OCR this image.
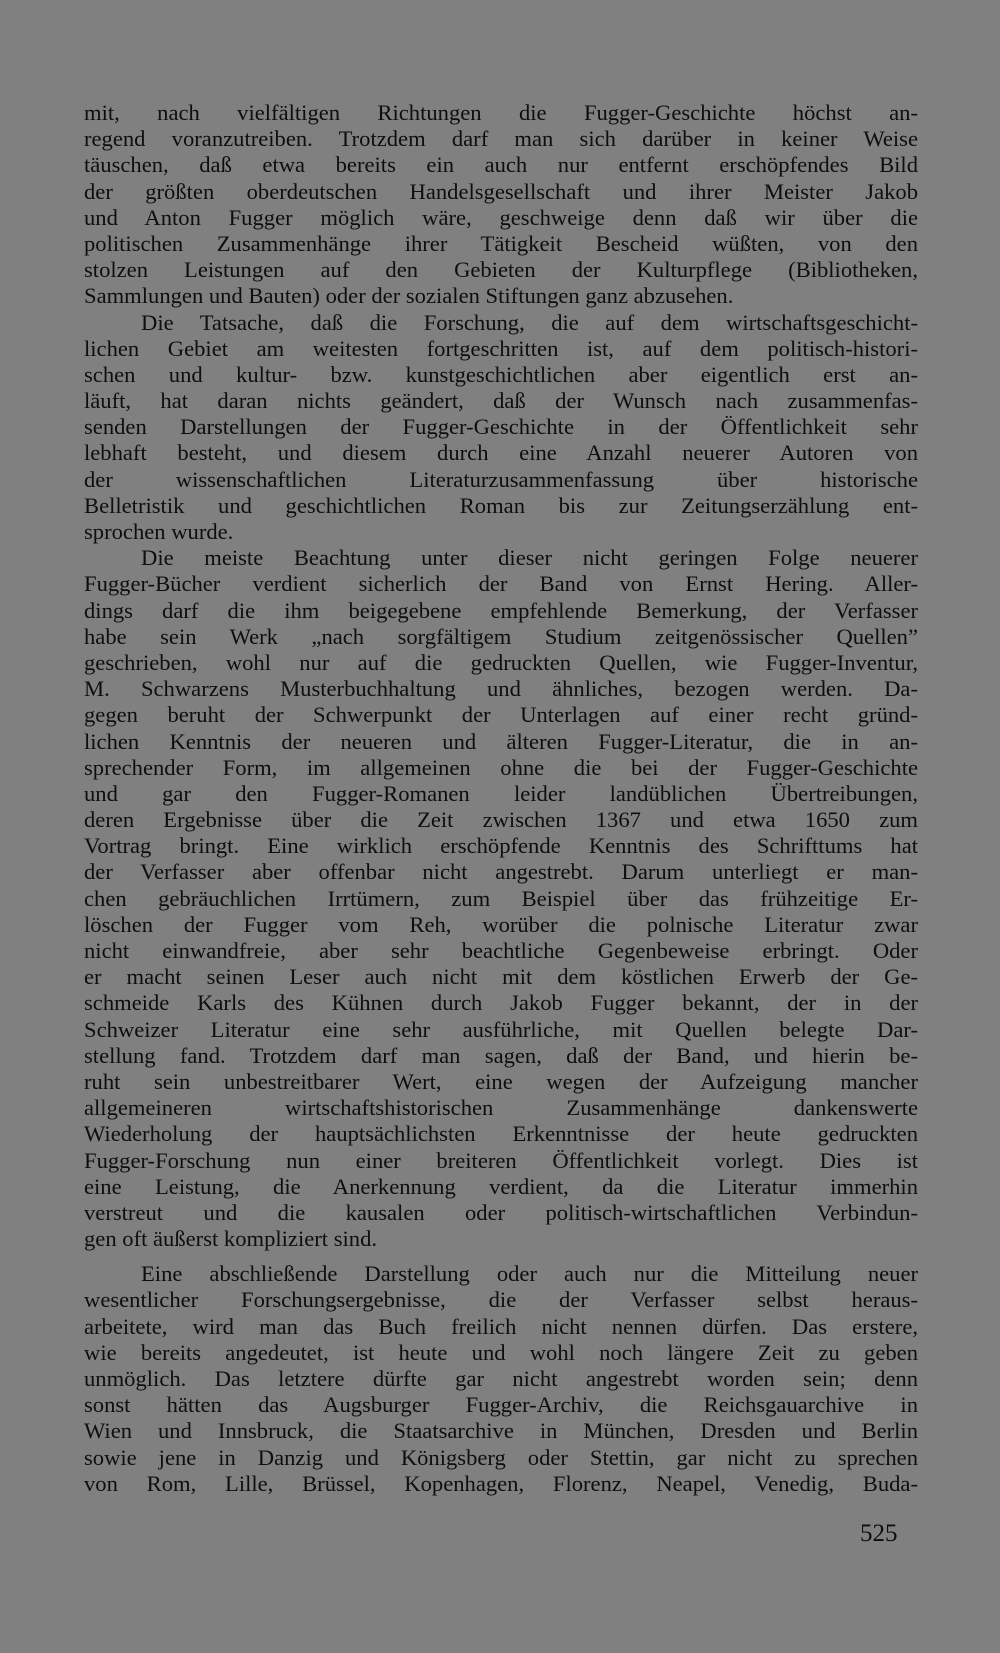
mit, nach vielfältigen Richtungen die Fugger-Geschichte höchst an-
regend voranzutreiben. Trotzdem darf man sich darüber in keiner Weise
täuschen, daß etwa bereits ein auch nur entfernt erschöpfendes Bild
der größten oberdeutschen Handelsgesellschaft und ihrer Meister Jakob
und Anton Fugger möglich wäre, geschweige denn daß wir über die
politischen Zusammenhänge ihrer Tätigkeit Bescheid wüßten, von den
stolzen Leistungen auf den Gebieten der Kulturpflege (Bibliotheken,
Sammlungen und Bauten) oder der sozialen Stiftungen ganz abzusehen.
Die Tatsache, daß die Forschung, die auf dem wirtschaftsgeschicht-
lichen Gebiet am weitesten fortgeschritten ist, auf dem politisch-histori-
schen und kultur- bzw. kunstgeschichtlichen aber eigentlich erst an-
läuft, hat daran nichts geändert, daß der Wunsch nach zusammenfas-
senden Darstellungen der Fugger-Geschichte in der Öffentlichkeit sehr
lebhaft besteht, und diesem durch eine Anzahl neuerer Autoren von
der wissenschaftlichen Literaturzusammenfassung über historische
Belletristik und geschichtlichen Roman bis zur Zeitungserzählung ent-
sprochen wurde.
Die meiste Beachtung unter dieser nicht geringen Folge neuerer
Fugger-Bücher verdient sicherlich der Band von Ernst Hering. Aller-
dings darf die ihm beigegebene empfehlende Bemerkung, der Verfasser
habe sein Werk „nach sorgfältigem Studium zeitgenössischer Quellen”
geschrieben, wohl nur auf die gedruckten Quellen, wie Fugger-Inventur,
M. Schwarzens Musterbuchhaltung und ähnliches, bezogen werden. Da-
gegen beruht der Schwerpunkt der Unterlagen auf einer recht gründ-
lichen Kenntnis der neueren und älteren Fugger-Literatur, die in an-
sprechender Form, im allgemeinen ohne die bei der Fugger-Geschichte
und gar den Fugger-Romanen leider landüblichen Übertreibungen,
deren Ergebnisse über die Zeit zwischen 1367 und etwa 1650 zum
Vortrag bringt. Eine wirklich erschöpfende Kenntnis des Schrifttums hat
der Verfasser aber offenbar nicht angestrebt. Darum unterliegt er man-
chen gebräuchlichen Irrtümern, zum Beispiel über das frühzeitige Er-
löschen der Fugger vom Reh, worüber die polnische Literatur zwar
nicht einwandfreie, aber sehr beachtliche Gegenbeweise erbringt. Oder
er macht seinen Leser auch nicht mit dem köstlichen Erwerb der Ge-
schmeide Karls des Kühnen durch Jakob Fugger bekannt, der in der
Schweizer Literatur eine sehr ausführliche, mit Quellen belegte Dar-
stellung fand. Trotzdem darf man sagen, daß der Band, und hierin be-
ruht sein unbestreitbarer Wert, eine wegen der Aufzeigung mancher
allgemeineren wirtschaftshistorischen Zusammenhänge dankenswerte
Wiederholung der hauptsächlichsten Erkenntnisse der heute gedruckten
Fugger-Forschung nun einer breiteren Öffentlichkeit vorlegt. Dies ist
eine Leistung, die Anerkennung verdient, da die Literatur immerhin
verstreut und die kausalen oder politisch-wirtschaftlichen Verbindun-
gen oft äußerst kompliziert sind.
Eine abschließende Darstellung oder auch nur die Mitteilung neuer
wesentlicher Forschungsergebnisse, die der Verfasser selbst heraus-
arbeitete, wird man das Buch freilich nicht nennen dürfen. Das erstere,
wie bereits angedeutet, ist heute und wohl noch längere Zeit zu geben
unmöglich. Das letztere dürfte gar nicht angestrebt worden sein; denn
sonst hätten das Augsburger Fugger-Archiv, die Reichsgauarchive in
Wien und Innsbruck, die Staatsarchive in München, Dresden und Berlin
sowie jene in Danzig und Königsberg oder Stettin, gar nicht zu sprechen
von Rom, Lille, Brüssel, Kopenhagen, Florenz, Neapel, Venedig, Buda-
525
